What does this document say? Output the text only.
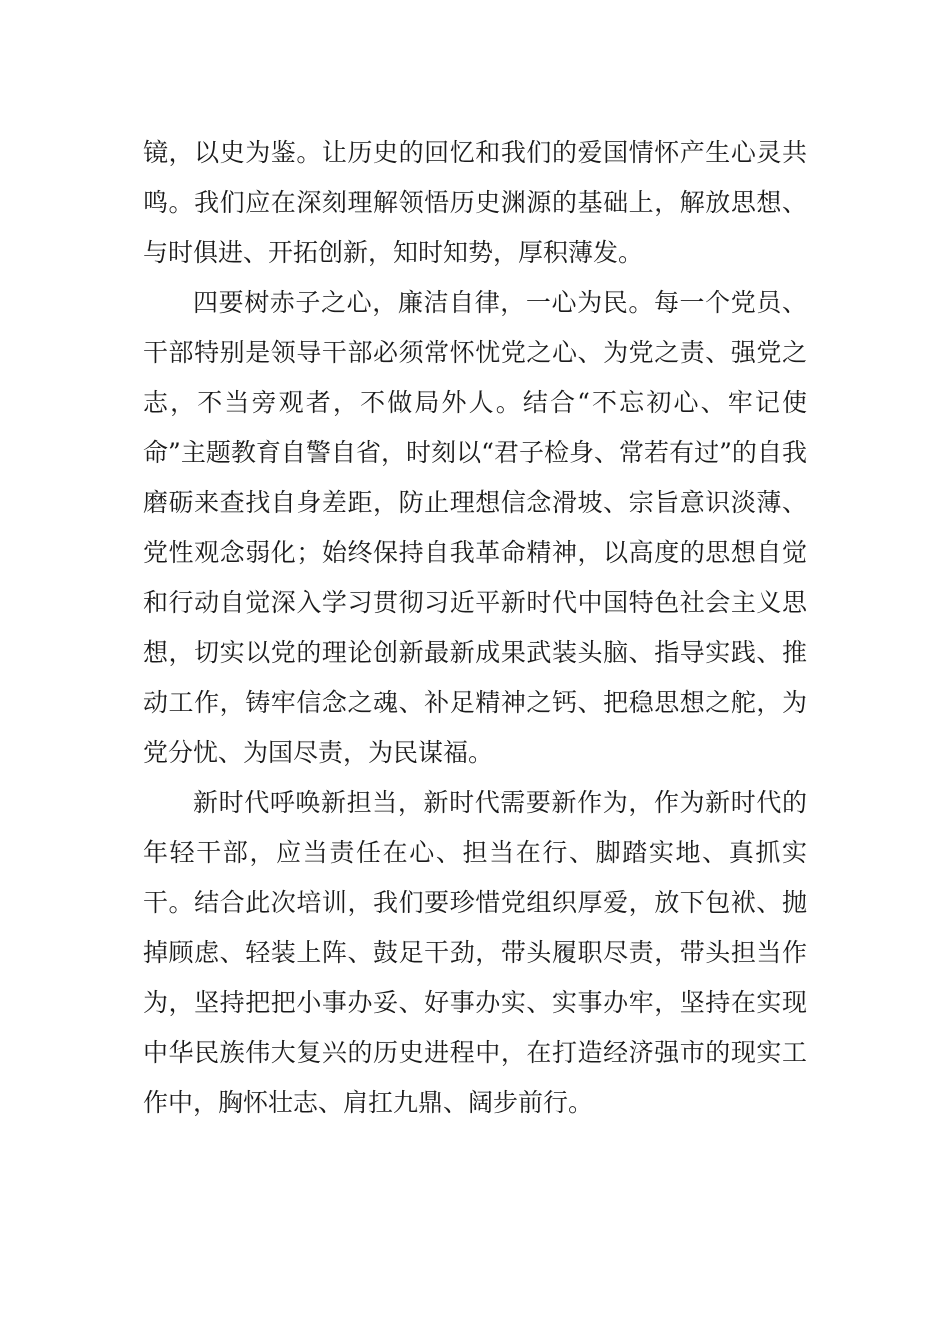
镜，以史为鉴。让历史的回忆和我们的爱国情怀产生心灵共鸣。我们应在深刻理解领悟历史渊源的基础上，解放思想、与时俱进、开拓创新，知时知势，厚积薄发。

四要树赤子之心，廉洁自律，一心为民。每一个党员、干部特别是领导干部必须常怀忧党之心、为党之责、强党之志，不当旁观者，不做局外人。结合“不忘初心、牢记使命”主题教育自警自省，时刻以“君子检身、常若有过”的自我磨砺来查找自身差距，防止理想信念滑坡、宗旨意识淡薄、党性观念弱化；始终保持自我革命精神，以高度的思想自觉和行动自觉深入学习贯彻习近平新时代中国特色社会主义思想，切实以党的理论创新最新成果武装头脑、指导实践、推动工作，铸牢信念之魂、补足精神之钙、把稳思想之舵，为党分忧、为国尽责，为民谋福。

新时代呼唤新担当，新时代需要新作为，作为新时代的年轻干部，应当责任在心、担当在行、脚踏实地、真抓实干。结合此次培训，我们要珍惜党组织厚爱，放下包袱、抛掉顾虑、轻装上阵、鼓足干劲，带头履职尽责，带头担当作为，坚持把把小事办妥、好事办实、实事办牢，坚持在实现中华民族伟大复兴的历史进程中，在打造经济强市的现实工作中，胸怀壮志、肩扛九鼎、阔步前行。
